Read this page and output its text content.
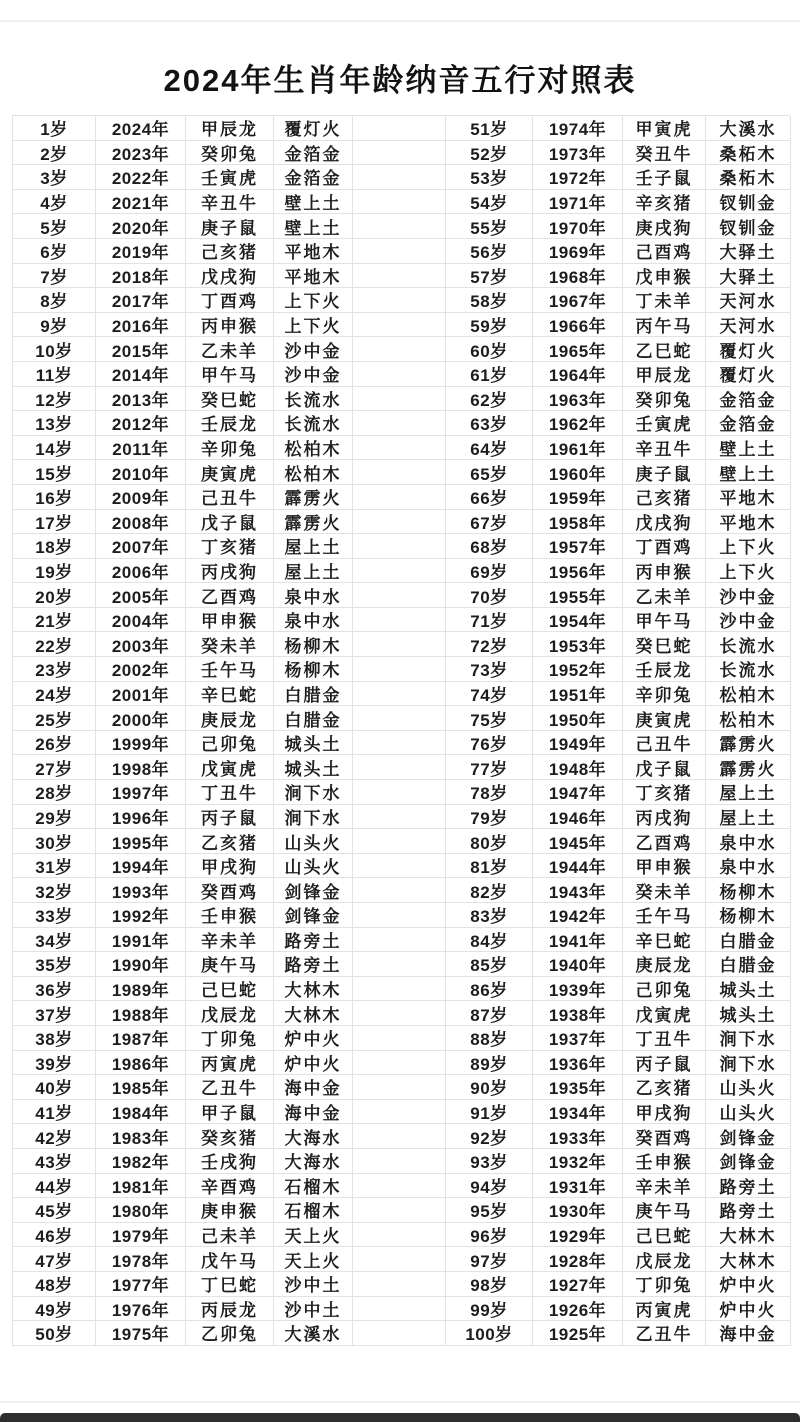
2024年生肖年龄纳音五行对照表
1岁	2024年	甲辰龙	覆灯火	51岁	1974年	甲寅虎	大溪水
2岁	2023年	癸卯兔	金箔金	52岁	1973年	癸丑牛	桑柘木
3岁	2022年	壬寅虎	金箔金	53岁	1972年	壬子鼠	桑柘木
4岁	2021年	辛丑牛	壁上土	54岁	1971年	辛亥猪	钗钏金
5岁	2020年	庚子鼠	壁上土	55岁	1970年	庚戌狗	钗钏金
6岁	2019年	己亥猪	平地木	56岁	1969年	己酉鸡	大驿土
7岁	2018年	戊戌狗	平地木	57岁	1968年	戊申猴	大驿土
8岁	2017年	丁酉鸡	上下火	58岁	1967年	丁未羊	天河水
9岁	2016年	丙申猴	上下火	59岁	1966年	丙午马	天河水
10岁	2015年	乙未羊	沙中金	60岁	1965年	乙巳蛇	覆灯火
11岁	2014年	甲午马	沙中金	61岁	1964年	甲辰龙	覆灯火
12岁	2013年	癸巳蛇	长流水	62岁	1963年	癸卯兔	金箔金
13岁	2012年	壬辰龙	长流水	63岁	1962年	壬寅虎	金箔金
14岁	2011年	辛卯兔	松柏木	64岁	1961年	辛丑牛	壁上土
15岁	2010年	庚寅虎	松柏木	65岁	1960年	庚子鼠	壁上土
16岁	2009年	己丑牛	霹雳火	66岁	1959年	己亥猪	平地木
17岁	2008年	戊子鼠	霹雳火	67岁	1958年	戊戌狗	平地木
18岁	2007年	丁亥猪	屋上土	68岁	1957年	丁酉鸡	上下火
19岁	2006年	丙戌狗	屋上土	69岁	1956年	丙申猴	上下火
20岁	2005年	乙酉鸡	泉中水	70岁	1955年	乙未羊	沙中金
21岁	2004年	甲申猴	泉中水	71岁	1954年	甲午马	沙中金
22岁	2003年	癸未羊	杨柳木	72岁	1953年	癸巳蛇	长流水
23岁	2002年	壬午马	杨柳木	73岁	1952年	壬辰龙	长流水
24岁	2001年	辛巳蛇	白腊金	74岁	1951年	辛卯兔	松柏木
25岁	2000年	庚辰龙	白腊金	75岁	1950年	庚寅虎	松柏木
26岁	1999年	己卯兔	城头土	76岁	1949年	己丑牛	霹雳火
27岁	1998年	戊寅虎	城头土	77岁	1948年	戊子鼠	霹雳火
28岁	1997年	丁丑牛	涧下水	78岁	1947年	丁亥猪	屋上土
29岁	1996年	丙子鼠	涧下水	79岁	1946年	丙戌狗	屋上土
30岁	1995年	乙亥猪	山头火	80岁	1945年	乙酉鸡	泉中水
31岁	1994年	甲戌狗	山头火	81岁	1944年	甲申猴	泉中水
32岁	1993年	癸酉鸡	剑锋金	82岁	1943年	癸未羊	杨柳木
33岁	1992年	壬申猴	剑锋金	83岁	1942年	壬午马	杨柳木
34岁	1991年	辛未羊	路旁土	84岁	1941年	辛巳蛇	白腊金
35岁	1990年	庚午马	路旁土	85岁	1940年	庚辰龙	白腊金
36岁	1989年	己巳蛇	大林木	86岁	1939年	己卯兔	城头土
37岁	1988年	戊辰龙	大林木	87岁	1938年	戊寅虎	城头土
38岁	1987年	丁卯兔	炉中火	88岁	1937年	丁丑牛	涧下水
39岁	1986年	丙寅虎	炉中火	89岁	1936年	丙子鼠	涧下水
40岁	1985年	乙丑牛	海中金	90岁	1935年	乙亥猪	山头火
41岁	1984年	甲子鼠	海中金	91岁	1934年	甲戌狗	山头火
42岁	1983年	癸亥猪	大海水	92岁	1933年	癸酉鸡	剑锋金
43岁	1982年	壬戌狗	大海水	93岁	1932年	壬申猴	剑锋金
44岁	1981年	辛酉鸡	石榴木	94岁	1931年	辛未羊	路旁土
45岁	1980年	庚申猴	石榴木	95岁	1930年	庚午马	路旁土
46岁	1979年	己未羊	天上火	96岁	1929年	己巳蛇	大林木
47岁	1978年	戊午马	天上火	97岁	1928年	戊辰龙	大林木
48岁	1977年	丁巳蛇	沙中土	98岁	1927年	丁卯兔	炉中火
49岁	1976年	丙辰龙	沙中土	99岁	1926年	丙寅虎	炉中火
50岁	1975年	乙卯兔	大溪水	100岁	1925年	乙丑牛	海中金
